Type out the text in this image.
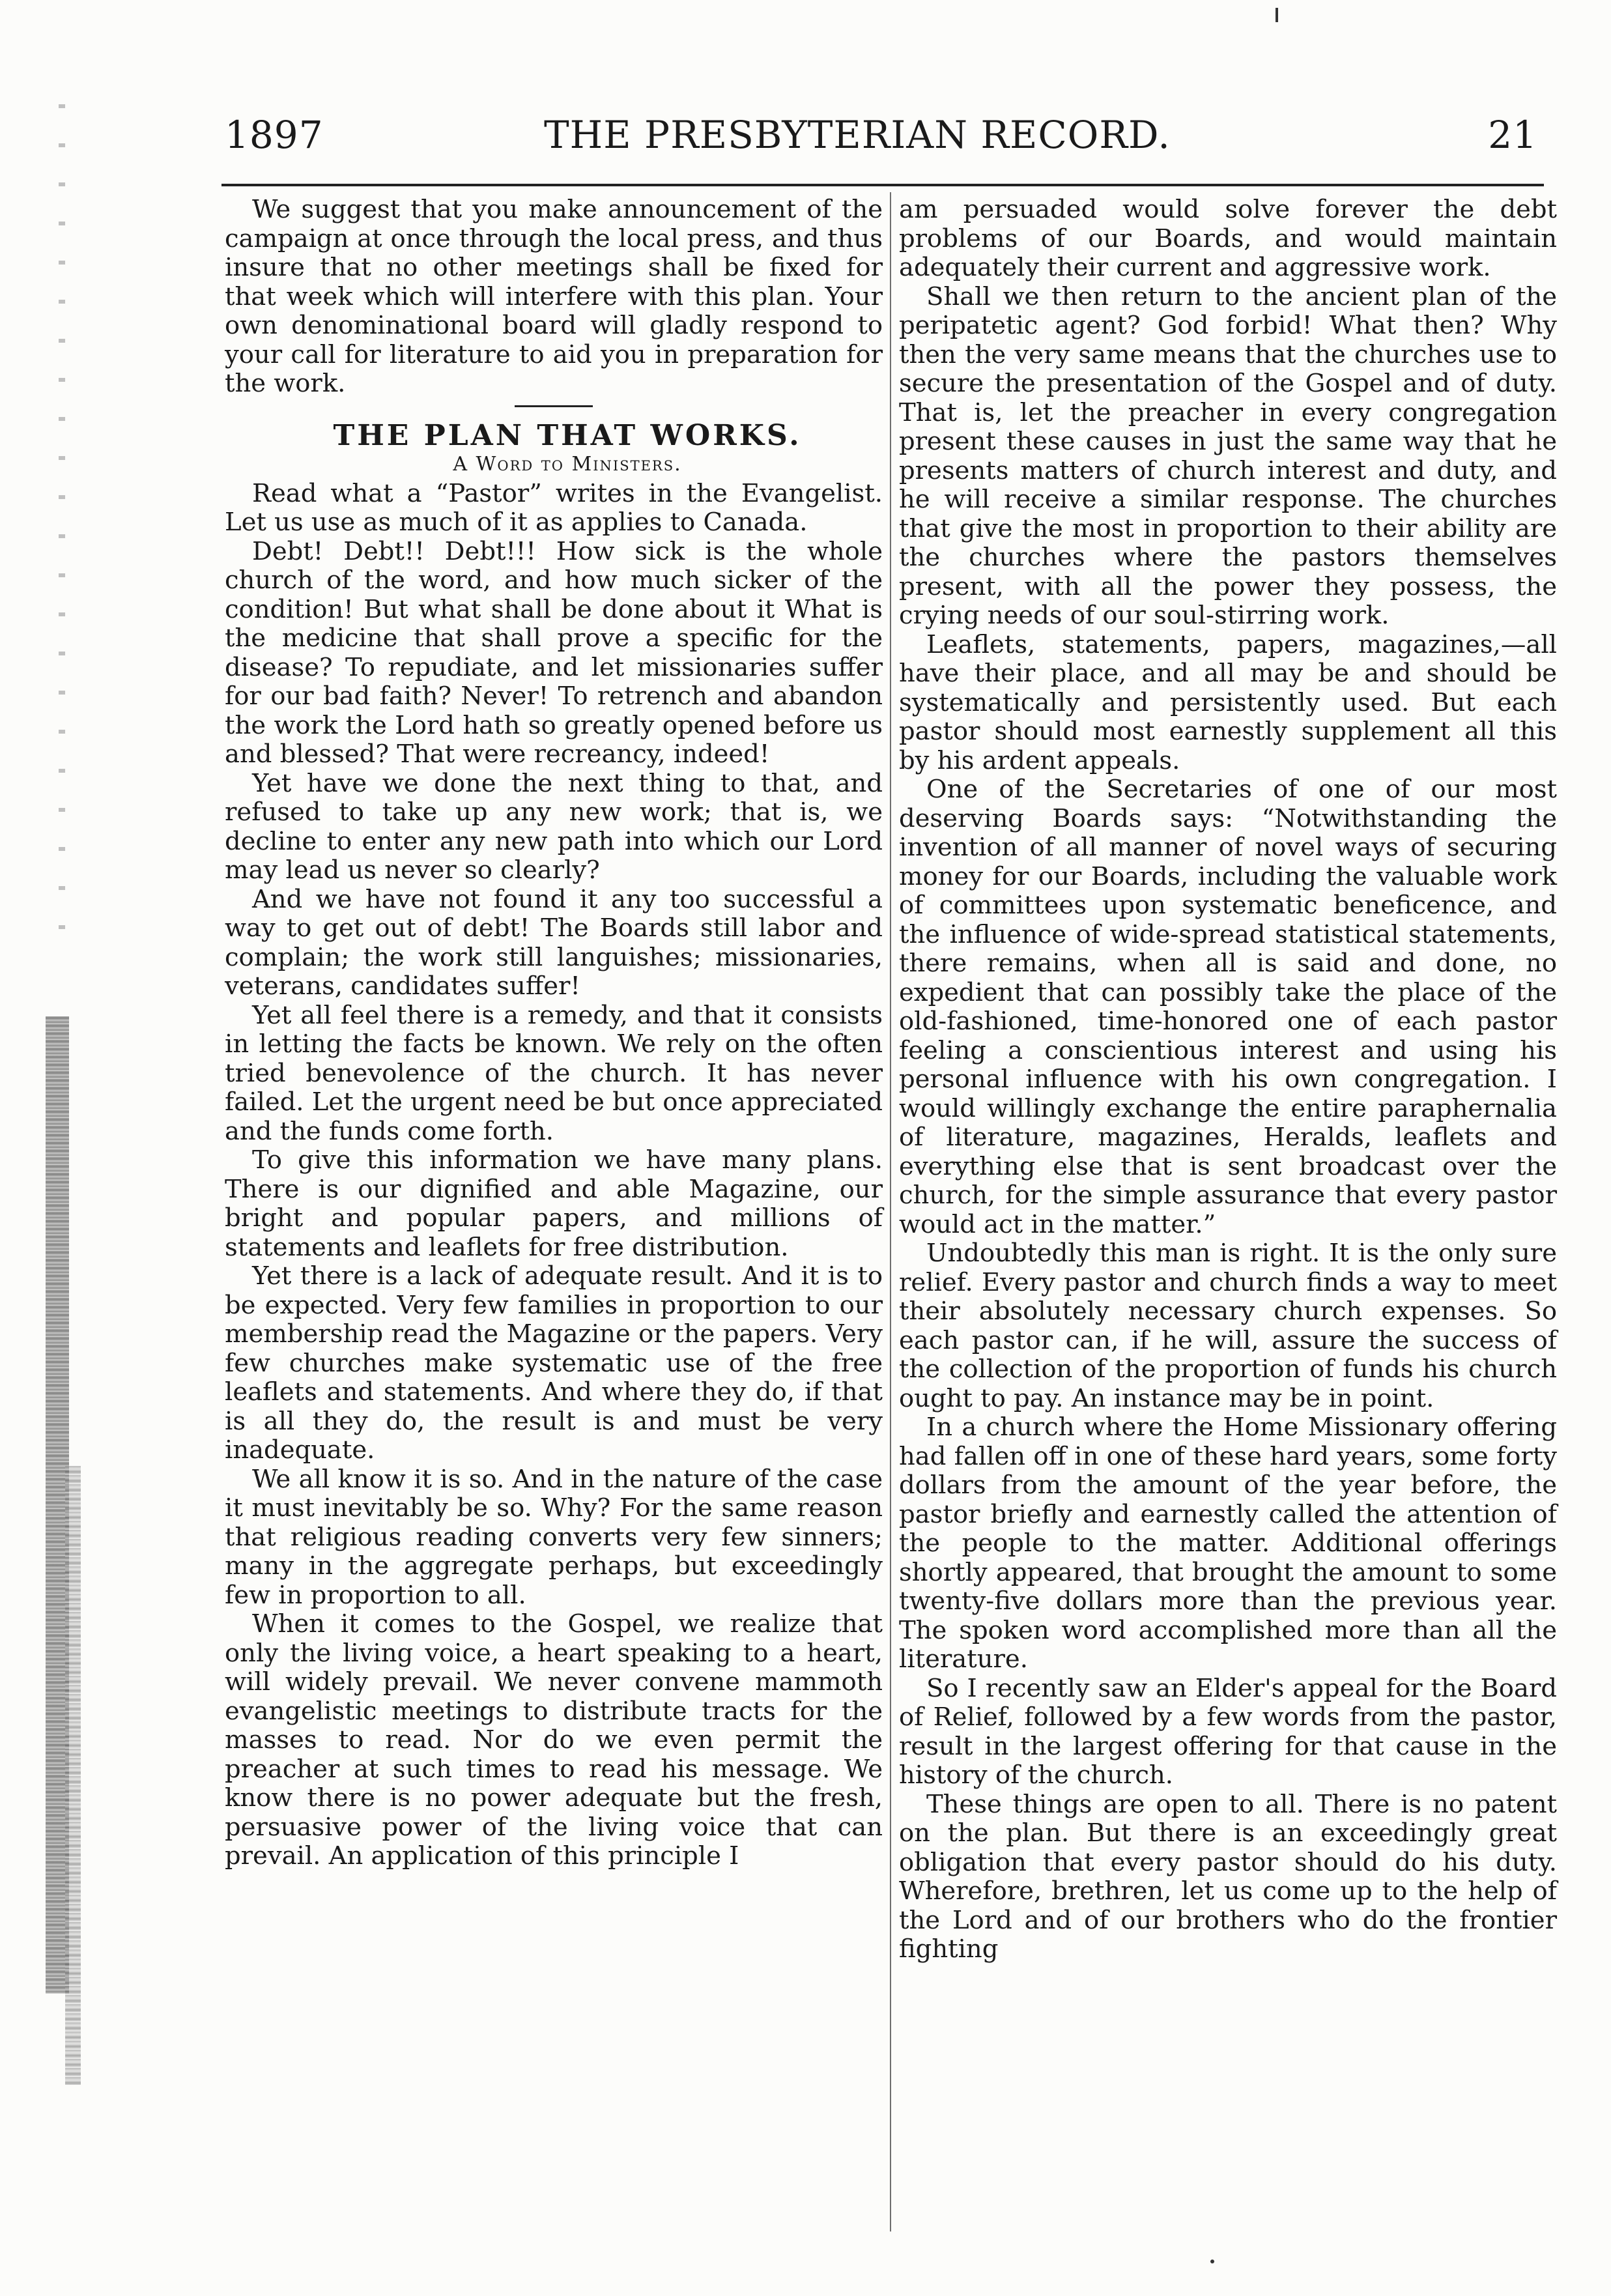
1897	THE PRESBYTERIAN RECORD.	21

We suggest that you make announcement of the campaign at once through the local press, and thus insure that no other meetings shall be fixed for that week which will interfere with this plan. Your own denominational board will gladly respond to your call for literature to aid you in preparation for the work.

THE PLAN THAT WORKS.

A Word to Ministers.

Read what a “Pastor” writes in the Evangelist. Let us use as much of it as applies to Canada.

Debt! Debt!! Debt!!! How sick is the whole church of the word, and how much sicker of the condition! But what shall be done about it What is the medicine that shall prove a specific for the disease? To repudiate, and let missionaries suffer for our bad faith? Never! To retrench and abandon the work the Lord hath so greatly opened before us and blessed? That were recreancy, indeed!

Yet have we done the next thing to that, and refused to take up any new work; that is, we decline to enter any new path into which our Lord may lead us never so clearly?

And we have not found it any too successful a way to get out of debt! The Boards still labor and complain; the work still languishes; missionaries, veterans, candidates suffer!

Yet all feel there is a remedy, and that it consists in letting the facts be known. We rely on the often tried benevolence of the church. It has never failed. Let the urgent need be but once appreciated and the funds come forth.

To give this information we have many plans. There is our dignified and able Magazine, our bright and popular papers, and millions of statements and leaflets for free distribution.

Yet there is a lack of adequate result. And it is to be expected. Very few families in proportion to our membership read the Magazine or the papers. Very few churches make systematic use of the free leaflets and statements. And where they do, if that is all they do, the result is and must be very inadequate.

We all know it is so. And in the nature of the case it must inevitably be so. Why? For the same reason that religious reading converts very few sinners; many in the aggregate perhaps, but exceedingly few in proportion to all.

When it comes to the Gospel, we realize that only the living voice, a heart speaking to a heart, will widely prevail. We never convene mammoth evangelistic meetings to distribute tracts for the masses to read. Nor do we even permit the preacher at such times to read his message. We know there is no power adequate but the fresh, persuasive power of the living voice that can prevail. An application of this principle I

am persuaded would solve forever the debt problems of our Boards, and would maintain adequately their current and aggressive work.

Shall we then return to the ancient plan of the peripatetic agent? God forbid! What then? Why then the very same means that the churches use to secure the presentation of the Gospel and of duty. That is, let the preacher in every congregation present these causes in just the same way that he presents matters of church interest and duty, and he will receive a similar response. The churches that give the most in proportion to their ability are the churches where the pastors themselves present, with all the power they possess, the crying needs of our soul-stirring work.

Leaflets, statements, papers, magazines,—all have their place, and all may be and should be systematically and persistently used. But each pastor should most earnestly supplement all this by his ardent appeals.

One of the Secretaries of one of our most deserving Boards says: “Notwithstanding the invention of all manner of novel ways of securing money for our Boards, including the valuable work of committees upon systematic beneficence, and the influence of wide-spread statistical statements, there remains, when all is said and done, no expedient that can possibly take the place of the old-fashioned, time-honored one of each pastor feeling a conscientious interest and using his personal influence with his own congregation. I would willingly exchange the entire paraphernalia of literature, magazines, Heralds, leaflets and everything else that is sent broadcast over the church, for the simple assurance that every pastor would act in the matter.”

Undoubtedly this man is right. It is the only sure relief. Every pastor and church finds a way to meet their absolutely necessary church expenses. So each pastor can, if he will, assure the success of the collection of the proportion of funds his church ought to pay. An instance may be in point.

In a church where the Home Missionary offering had fallen off in one of these hard years, some forty dollars from the amount of the year before, the pastor briefly and earnestly called the attention of the people to the matter. Additional offerings shortly appeared, that brought the amount to some twenty-five dollars more than the previous year. The spoken word accomplished more than all the literature.

So I recently saw an Elder's appeal for the Board of Relief, followed by a few words from the pastor, result in the largest offering for that cause in the history of the church.

These things are open to all. There is no patent on the plan. But there is an exceedingly great obligation that every pastor should do his duty. Wherefore, brethren, let us come up to the help of the Lord and of our brothers who do the frontier fighting
